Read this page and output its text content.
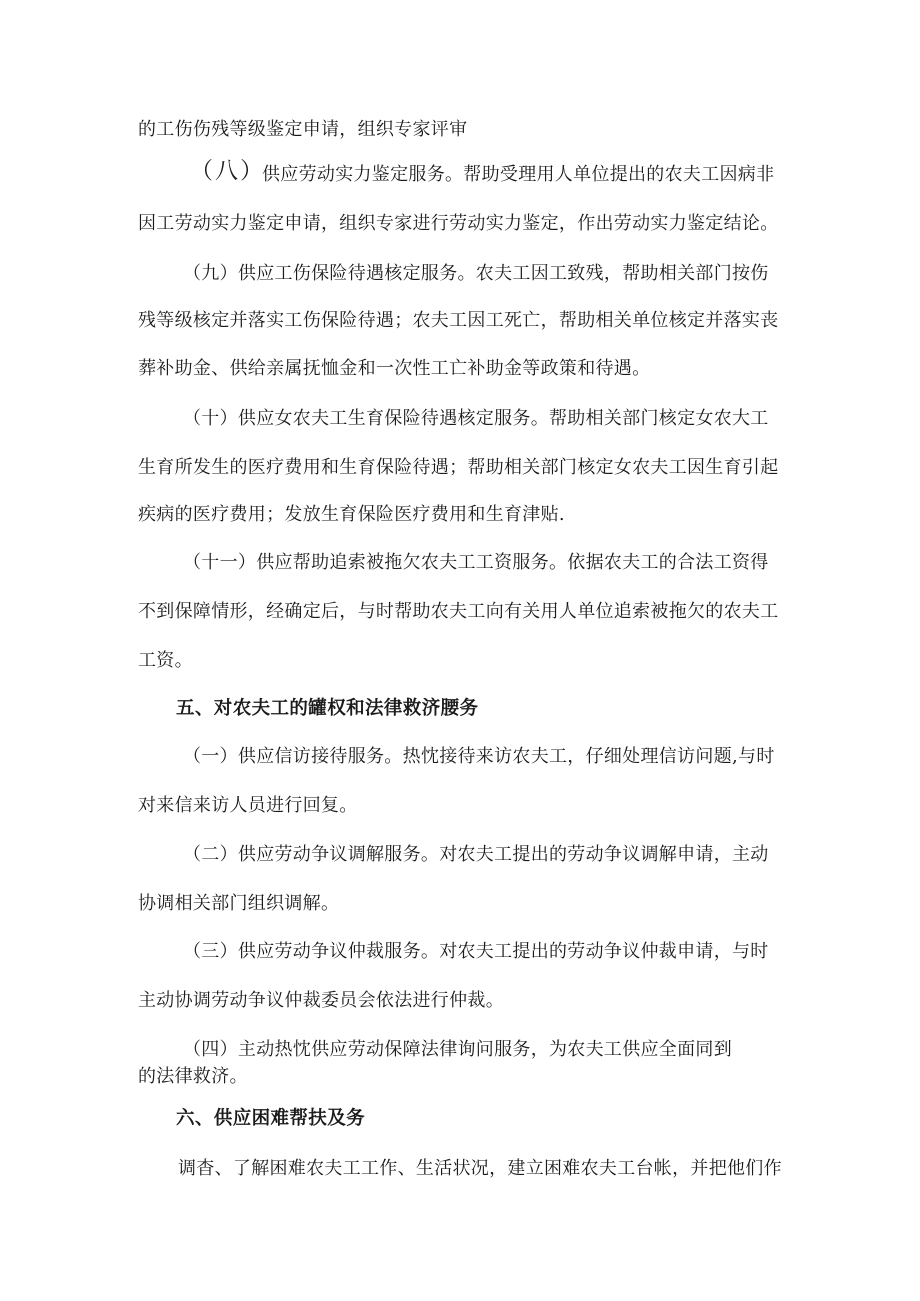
的工伤伤残等级鉴定申请，组织专家评审
（八）
供应劳动实力鉴定服务。帮助受理用人单位提出的农夫工因病非
因工劳动实力鉴定申请，组织专家进行劳动实力鉴定，作出劳动实力鉴定结论。
（九）供应工伤保险待遇核定服务。农夫工因工致残，帮助相关部门按伤
残等级核定并落实工伤保险待遇；农夫工因工死亡，帮助相关单位核定并落实丧
葬补助金、供给亲属抚恤金和一次性工亡补助金等政策和待遇。
（十）供应女农夫工生育保险待遇核定服务。帮助相关部门核定女农大工
生育所发生的医疗费用和生育保险待遇；帮助相关部门核定女农夫工因生育引起
疾病的医疗费用；发放生育保险医疗费用和生育津贴.
（十一）供应帮助追索被拖欠农夫工工资服务。依据农夫工的合法工资得
不到保障情形，经确定后，与时帮助农夫工向有关用人单位追索被拖欠的农夫工
工资。
五、对农夫工的罐权和法律救济腰务
（一）供应信访接待服务。热忱接待来访农夫工，仔细处理信访问题,与时
对来信来访人员进行回复。
（二）供应劳动争议调解服务。对农夫工提出的劳动争议调解申请，主动
协调相关部门组织调解。
（三）供应劳动争议仲裁服务。对农夫工提出的劳动争议仲裁申请，与时
主动协调劳动争议仲裁委员会依法进行仲裁。
（四）主动热忱供应劳动保障法律询问服务，为农夫工供应全面同到
的法律救济。
六、供应困难帮扶及务
调杳、了解困难农夫工工作、生活状况，建立困难农夫工台帐，并把他们作
